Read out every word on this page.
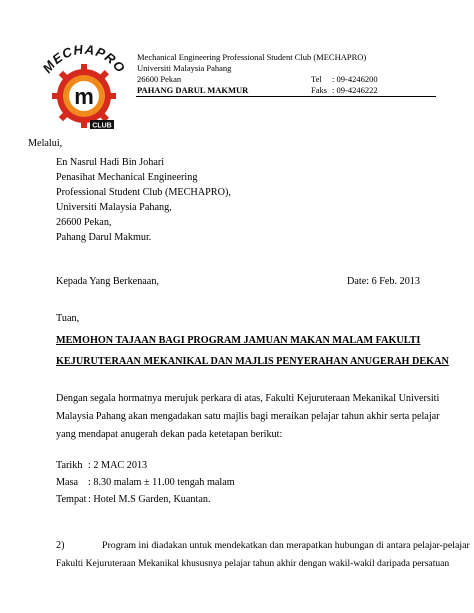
m
MECHAPRO
CLUB
Mechanical Engineering Professional Student Club (MECHAPRO)
Universiti Malaysia Pahang
26600 Pekan
PAHANG DARUL MAKMUR
Tel : 09-4246200
Faks : 09-4246222
Melalui,
En Nasrul Hadi Bin Johari
Penasihat Mechanical Engineering
Professional Student Club (MECHAPRO),
Universiti Malaysia Pahang,
26600 Pekan,
Pahang Darul Makmur.
Kepada Yang Berkenaan,	Date: 6 Feb. 2013
Tuan,
MEMOHON TAJAAN BAGI PROGRAM JAMUAN MAKAN MALAM FAKULTI
KEJURUTERAAN MEKANIKAL DAN MAJLIS PENYERAHAN ANUGERAH DEKAN
Dengan segala hormatnya merujuk perkara di atas, Fakulti Kejuruteraan Mekanikal Universiti
Malaysia Pahang akan mengadakan satu majlis bagi meraikan pelajar tahun akhir serta pelajar
yang mendapat anugerah dekan pada ketetapan berikut:
Tarikh : 2 MAC 2013
Masa : 8.30 malam ± 11.00 tengah malam
Tempat : Hotel M.S Garden, Kuantan.
2)	Program ini diadakan untuk mendekatkan dan merapatkan hubungan di antara pelajar-pelajar
Fakulti Kejuruteraan Mekanikal khususnya pelajar tahun akhir dengan wakil-wakil daripada persatuan
